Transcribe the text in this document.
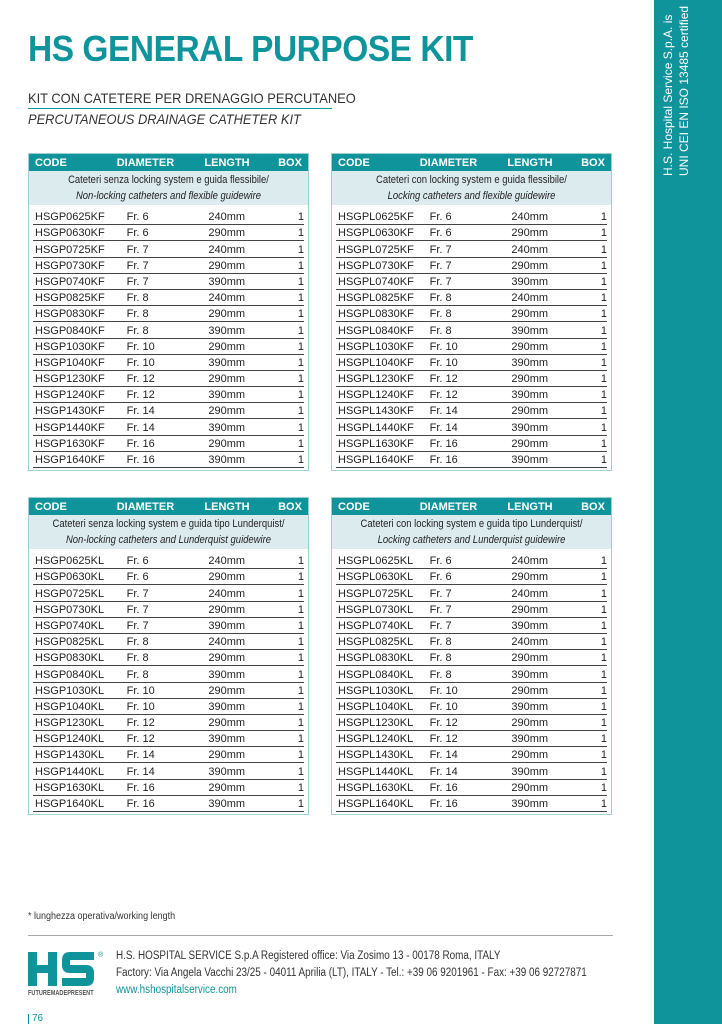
H.S. Hospital Service S.p.A. is UNI CEI EN ISO 13485 certified
HS GENERAL PURPOSE KIT
KIT CON CATETERE PER DRENAGGIO PERCUTANEO
PERCUTANEOUS DRAINAGE CATHETER KIT
CODE	DIAMETER	LENGTH	BOX
Cateteri senza locking system e guida flessibile/
Non-locking catheters and flexible guidewire
HSGP0625KF	Fr. 6	240mm	1
HSGP0630KF	Fr. 6	290mm	1
HSGP0725KF	Fr. 7	240mm	1
HSGP0730KF	Fr. 7	290mm	1
HSGP0740KF	Fr. 7	390mm	1
HSGP0825KF	Fr. 8	240mm	1
HSGP0830KF	Fr. 8	290mm	1
HSGP0840KF	Fr. 8	390mm	1
HSGP1030KF	Fr. 10	290mm	1
HSGP1040KF	Fr. 10	390mm	1
HSGP1230KF	Fr. 12	290mm	1
HSGP1240KF	Fr. 12	390mm	1
HSGP1430KF	Fr. 14	290mm	1
HSGP1440KF	Fr. 14	390mm	1
HSGP1630KF	Fr. 16	290mm	1
HSGP1640KF	Fr. 16	390mm	1
CODE	DIAMETER	LENGTH	BOX
Cateteri con locking system e guida flessibile/
Locking catheters and flexible guidewire
HSGPL0625KF	Fr. 6	240mm	1
HSGPL0630KF	Fr. 6	290mm	1
HSGPL0725KF	Fr. 7	240mm	1
HSGPL0730KF	Fr. 7	290mm	1
HSGPL0740KF	Fr. 7	390mm	1
HSGPL0825KF	Fr. 8	240mm	1
HSGPL0830KF	Fr. 8	290mm	1
HSGPL0840KF	Fr. 8	390mm	1
HSGPL1030KF	Fr. 10	290mm	1
HSGPL1040KF	Fr. 10	390mm	1
HSGPL1230KF	Fr. 12	290mm	1
HSGPL1240KF	Fr. 12	390mm	1
HSGPL1430KF	Fr. 14	290mm	1
HSGPL1440KF	Fr. 14	390mm	1
HSGPL1630KF	Fr. 16	290mm	1
HSGPL1640KF	Fr. 16	390mm	1
CODE	DIAMETER	LENGTH	BOX
Cateteri senza locking system e guida tipo Lunderquist/
Non-locking catheters and Lunderquist guidewire
HSGP0625KL	Fr. 6	240mm	1
HSGP0630KL	Fr. 6	290mm	1
HSGP0725KL	Fr. 7	240mm	1
HSGP0730KL	Fr. 7	290mm	1
HSGP0740KL	Fr. 7	390mm	1
HSGP0825KL	Fr. 8	240mm	1
HSGP0830KL	Fr. 8	290mm	1
HSGP0840KL	Fr. 8	390mm	1
HSGP1030KL	Fr. 10	290mm	1
HSGP1040KL	Fr. 10	390mm	1
HSGP1230KL	Fr. 12	290mm	1
HSGP1240KL	Fr. 12	390mm	1
HSGP1430KL	Fr. 14	290mm	1
HSGP1440KL	Fr. 14	390mm	1
HSGP1630KL	Fr. 16	290mm	1
HSGP1640KL	Fr. 16	390mm	1
CODE	DIAMETER	LENGTH	BOX
Cateteri con locking system e guida tipo Lunderquist/
Locking catheters and Lunderquist guidewire
HSGPL0625KL	Fr. 6	240mm	1
HSGPL0630KL	Fr. 6	290mm	1
HSGPL0725KL	Fr. 7	240mm	1
HSGPL0730KL	Fr. 7	290mm	1
HSGPL0740KL	Fr. 7	390mm	1
HSGPL0825KL	Fr. 8	240mm	1
HSGPL0830KL	Fr. 8	290mm	1
HSGPL0840KL	Fr. 8	390mm	1
HSGPL1030KL	Fr. 10	290mm	1
HSGPL1040KL	Fr. 10	390mm	1
HSGPL1230KL	Fr. 12	290mm	1
HSGPL1240KL	Fr. 12	390mm	1
HSGPL1430KL	Fr. 14	290mm	1
HSGPL1440KL	Fr. 14	390mm	1
HSGPL1630KL	Fr. 16	290mm	1
HSGPL1640KL	Fr. 16	390mm	1
* lunghezza operativa/working length
®
FUTUREMADEPRESENT
H.S. HOSPITAL SERVICE S.p.A Registered office: Via Zosimo 13 - 00178 Roma, ITALY
Factory: Via Angela Vacchi 23/25 - 04011 Aprilia (LT), ITALY - Tel.: +39 06 9201961 - Fax: +39 06 92727871
www.hshospitalservice.com
76
